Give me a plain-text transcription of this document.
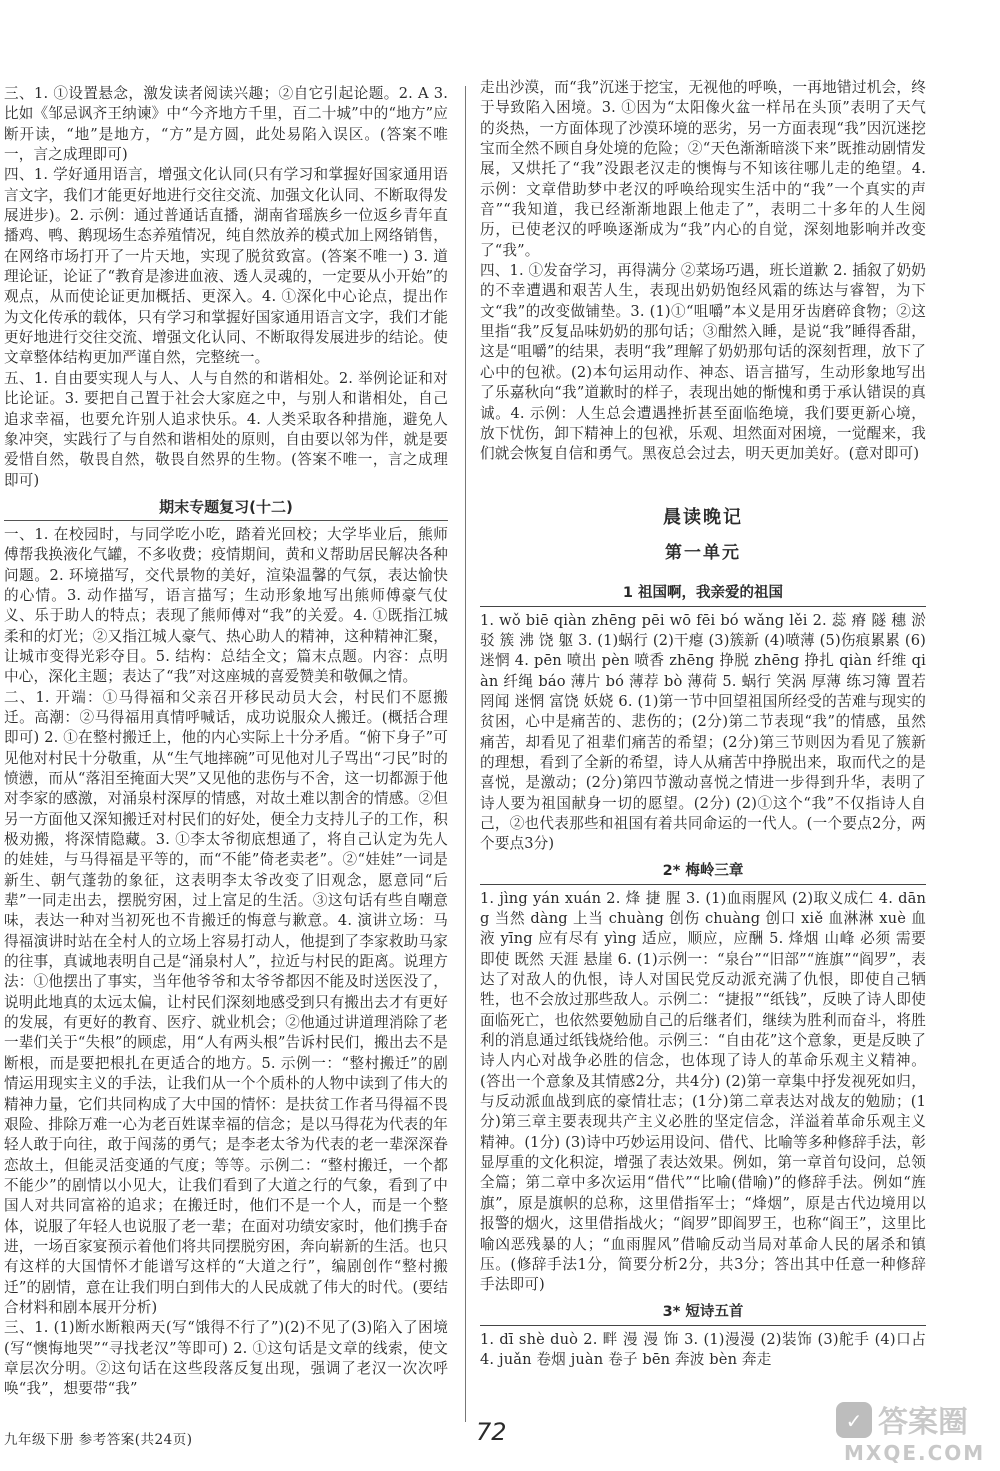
三、1. ①设置悬念，激发读者阅读兴趣；②自它引起论题。2. A 3. 比如《邹忌讽齐王纳谏》中“今齐地方千里，百二十城”中的“地方”应断开读，“地”是地方，“方”是方圆，此处易陷入误区。(答案不唯一，言之成理即可)

四、1. 学好通用语言，增强文化认同(只有学习和掌握好国家通用语言文字，我们才能更好地进行交往交流、加强文化认同、不断取得发展进步)。2. 示例：通过普通话直播，湖南省瑶族乡一位返乡青年直播鸡、鸭、鹅现场生态养殖情况，纯自然放养的模式加上网络销售，在网络市场打开了一片天地，实现了脱贫致富。(答案不唯一) 3. 道理论证，论证了“教育是渗进血液、透人灵魂的，一定要从小开始”的观点，从而使论证更加概括、更深入。4. ①深化中心论点，提出作为文化传承的载体，只有学习和掌握好国家通用语言文字，我们才能更好地进行交往交流、增强文化认同、不断取得发展进步的结论。使文章整体结构更加严谨自然，完整统一。

五、1. 自由要实现人与人、人与自然的和谐相处。2. 举例论证和对比论证。3. 要把自己置于社会大家庭之中，与别人和谐相处，自己追求幸福，也要允许别人追求快乐。4. 人类采取各种措施，避免人象冲突，实践行了与自然和谐相处的原则，自由要以邻为伴，就是要爱惜自然，敬畏自然，敬畏自然界的生物。(答案不唯一，言之成理即可)

期末专题复习(十二)

一、1. 在校园时，与同学吃小吃，踏着光回校；大学毕业后，熊师傅帮我换液化气罐，不多收费；疫情期间，黄和义帮助居民解决各种问题。2. 环境描写，交代景物的美好，渲染温馨的气氛，表达愉快的心情。3. 动作描写，语言描写；生动形象地写出熊师傅豪气仗义、乐于助人的特点；表现了熊师傅对“我”的关爱。4. ①既指江城柔和的灯光；②又指江城人豪气、热心助人的精神，这种精神汇聚，让城市变得光彩夺目。5. 结构：总结全文；篇末点题。内容：点明中心，深化主题；表达了“我”对这座城的喜爱赞美和敬佩之情。

二、1. 开端：①马得福和父亲召开移民动员大会，村民们不愿搬迁。高潮：②马得福用真情呼喊话，成功说服众人搬迁。(概括合理即可) 2. ①在整村搬迁上，他的内心实际上十分矛盾。“俯下身子”可见他对村民十分敬重，从“生气地摔碗”可见他对儿子骂出“刁民”时的愤懑，而从“落泪至掩面大哭”又见他的悲伤与不舍，这一切都源于他对李家的感激，对涌泉村深厚的情感，对故土难以割舍的情感。②但另一方面他又深知搬迁对村民们的好处，便全力支持儿子的工作，积极劝搬，将深情隐藏。3. ①李太爷彻底想通了，将自己认定为先人的娃娃，与马得福是平等的，而“不能”倚老卖老”。②“娃娃”一词是新生、朝气蓬勃的象征，这表明李太爷改变了旧观念，愿意同“后辈”一同走出去，摆脱穷困，过上富足的生活。③这句话有些自嘲意味，表达一种对当初死也不肯搬迁的悔意与歉意。4. 演讲立场：马得福演讲时站在全村人的立场上容易打动人，他提到了李家救助马家的往事，真诚地表明自己是“涌泉村人”，拉近与村民的距离。说理方法：①他摆出了事实，当年他爷爷和太爷爷都因不能及时送医没了，说明此地真的太远太偏，让村民们深刻地感受到只有搬出去才有更好的发展，有更好的教育、医疗、就业机会；②他通过讲道理消除了老一辈们关于“失根”的顾虑，用“人有两头根”告诉村民们，搬出去不是断根，而是要把根扎在更适合的地方。5. 示例一：“整村搬迁”的剧情运用现实主义的手法，让我们从一个个质朴的人物中读到了伟大的精神力量，它们共同构成了大中国的情怀：是扶贫工作者马得福不畏艰险、排除万难一心为老百姓谋幸福的信念；是以马得花为代表的年轻人敢于向往，敢于闯荡的勇气；是李老太爷为代表的老一辈深深眷恋故土，但能灵活变通的气度；等等。示例二：“整村搬迁，一个都不能少”的剧情以小见大，让我们看到了大道之行的气象，看到了中国人对共同富裕的追求；在搬迁时，他们不是一个人，而是一个整体，说服了年轻人也说服了老一辈；在面对功绩安家时，他们携手奋进，一场百家宴预示着他们将共同摆脱穷困，奔向崭新的生活。也只有这样的大国情怀才能谱写这样的“大道之行”，编剧创作“整村搬迁”的剧情，意在让我们明白到伟大的人民成就了伟大的时代。(要结合材料和剧本展开分析)

三、1. (1)断水断粮两天(写“饿得不行了”)(2)不见了(3)陷入了困境(写“懊悔地哭”“寻找老汉”等即可) 2. ①这句话是文章的线索，使文章层次分明。②这句话在这些段落反复出现，强调了老汉一次次呼唤“我”，想要带“我”

走出沙漠，而“我”沉迷于挖宝，无视他的呼唤，一再地错过机会，终于导致陷入困境。3. ①因为“太阳像火盆一样吊在头顶”表明了天气的炎热，一方面体现了沙漠环境的恶劣，另一方面表现“我”因沉迷挖宝而全然不顾自身处境的危险；②“天色渐渐暗淡下来”既推动剧情发展，又烘托了“我”没跟老汉走的懊悔与不知该往哪儿走的绝望。4. 示例：文章借助梦中老汉的呼唤给现实生活中的“我”一个真实的声音”“我知道，我已经渐渐地跟上他走了”，表明二十多年的人生阅历，已使老汉的呼唤逐渐成为“我”内心的自觉，深刻地影响并改变了“我”。

四、1. ①发奋学习，再得满分 ②菜场巧遇，班长道歉 2. 插叙了奶奶的不幸遭遇和艰苦人生，表现出奶奶饱经风霜的练达与睿智，为下文“我”的改变做铺垫。3. (1)①“咀嚼”本义是用牙齿磨碎食物；②这里指“我”反复品味奶奶的那句话；③酣然入睡，是说“我”睡得香甜，这是“咀嚼”的结果，表明“我”理解了奶奶那句话的深刻哲理，放下了心中的包袱。(2)本句运用动作、神态、语言描写，生动形象地写出了乐嘉秋向“我”道歉时的样子，表现出她的惭愧和勇于承认错误的真诚。4. 示例：人生总会遭遇挫折甚至面临绝境，我们要更新心境，放下忧伤，卸下精神上的包袱，乐观、坦然面对困境，一觉醒来，我们就会恢复自信和勇气。黑夜总会过去，明天更加美好。(意对即可)

晨读晚记
第一单元
1 祖国啊，我亲爱的祖国

1. wǒ biē qiàn zhēng pēi wō fēi bó wǎng lěi 2. 蕊 瘠 隧 穗 淤 驳 簇 沸 饶 躯 3. (1)蜗行 (2)干瘪 (3)簇新 (4)喷薄 (5)伤痕累累 (6)迷惘 4. pēn 喷出 pèn 喷香 zhēng 挣脱 zhēng 挣扎 qiàn 纤维 qiàn 纤绳 báo 薄片 bó 薄荐 bò 薄荷 5. 蜗行 笑涡 厚薄 练习簿 置若罔闻 迷惘 富饶 妖娆 6. (1)第一节中回望祖国所经受的苦难与现实的贫困，心中是痛苦的、悲伤的；(2分)第二节表现“我”的情感，虽然痛苦，却看见了祖辈们痛苦的希望；(2分)第三节则因为看见了簇新的理想，看到了全新的希望，诗人从痛苦中挣脱出来，取而代之的是喜悦，是激动；(2分)第四节激动喜悦之情进一步得到升华，表明了诗人要为祖国献身一切的愿望。(2分) (2)①这个“我”不仅指诗人自己，②也代表那些和祖国有着共同命运的一代人。(一个要点2分，两个要点3分)

2* 梅岭三章

1. jìng yán xuán 2. 烽 捷 腥 3. (1)血雨腥风 (2)取义成仁 4. dāng 当然 dàng 上当 chuàng 创伤 chuàng 创口 xiě 血淋淋 xuè 血液 yīng 应有尽有 yìng 适应，顺应，应酬 5. 烽烟 山峰 必须 需要 即使 既然 天涯 悬崖 6. (1)示例一：“泉台”“旧部”“旌旗”“阎罗”，表达了对敌人的仇恨，诗人对国民党反动派充满了仇恨，即使自己牺牲，也不会放过那些敌人。示例二：“捷报”“纸钱”，反映了诗人即使面临死亡，也依然要勉励自己的后继者们，继续为胜利而奋斗，将胜利的消息通过纸钱烧给他。示例三：“自由花”这个意象，更是反映了诗人内心对战争必胜的信念，也体现了诗人的革命乐观主义精神。(答出一个意象及其情感2分，共4分) (2)第一章集中抒发视死如归，与反动派血战到底的豪情壮志；(1分)第二章表达对战友的勉励；(1分)第三章主要表现共产主义必胜的坚定信念，洋溢着革命乐观主义精神。(1分) (3)诗中巧妙运用设问、借代、比喻等多种修辞手法，彰显厚重的文化积淀，增强了表达效果。例如，第一章首句设问，总领全篇；第二章中多次运用“借代”“比喻(借喻)”的修辞手法。例如“旌旗”，原是旗帜的总称，这里借指军士；“烽烟”，原是古代边境用以报警的烟火，这里借指战火；“阎罗”即阎罗王，也称“阎王”，这里比喻凶恶残暴的人；“血雨腥风”借喻反动当局对革命人民的屠杀和镇压。(修辞手法1分，简要分析2分，共3分；答出其中任意一种修辞手法即可)

3* 短诗五首

1. dī shè duò 2. 畔 漫 漫 饰 3. (1)漫漫 (2)装饰 (3)舵手 (4)口占 4. juǎn 卷烟 juàn 卷子 bēn 奔波 bèn 奔走

九年级下册 参考答案(共24页)	72	✓ 答案圈
MXQE.COM
